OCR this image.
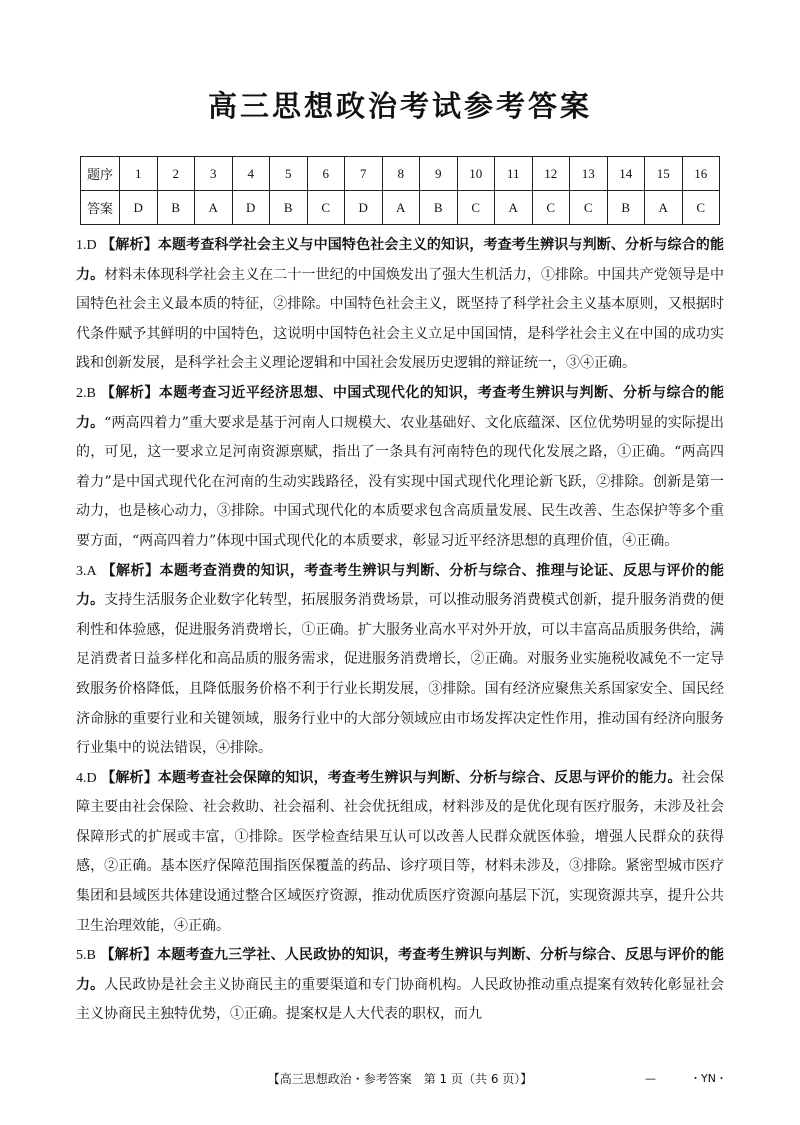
高三思想政治考试参考答案
题序	1	2	3	4	5	6	7	8	9	10	11	12	13	14	15	16
答案	D	B	A	D	B	C	D	A	B	C	A	C	C	B	A	C

1.D 【解析】本题考查科学社会主义与中国特色社会主义的知识，考查考生辨识与判断、分析与综合的能力。材料未体现科学社会主义在二十一世纪的中国焕发出了强大生机活力，①排除。中国共产党领导是中国特色社会主义最本质的特征，②排除。中国特色社会主义，既坚持了科学社会主义基本原则，又根据时代条件赋予其鲜明的中国特色，这说明中国特色社会主义立足中国国情，是科学社会主义在中国的成功实践和创新发展，是科学社会主义理论逻辑和中国社会发展历史逻辑的辩证统一，③④正确。

2.B 【解析】本题考查习近平经济思想、中国式现代化的知识，考查考生辨识与判断、分析与综合的能力。“两高四着力”重大要求是基于河南人口规模大、农业基础好、文化底蕴深、区位优势明显的实际提出的，可见，这一要求立足河南资源禀赋，指出了一条具有河南特色的现代化发展之路，①正确。“两高四着力”是中国式现代化在河南的生动实践路径，没有实现中国式现代化理论新飞跃，②排除。创新是第一动力，也是核心动力，③排除。中国式现代化的本质要求包含高质量发展、民生改善、生态保护等多个重要方面，“两高四着力”体现中国式现代化的本质要求，彰显习近平经济思想的真理价值，④正确。

3.A 【解析】本题考查消费的知识，考查考生辨识与判断、分析与综合、推理与论证、反思与评价的能力。支持生活服务企业数字化转型，拓展服务消费场景，可以推动服务消费模式创新，提升服务消费的便利性和体验感，促进服务消费增长，①正确。扩大服务业高水平对外开放，可以丰富高品质服务供给，满足消费者日益多样化和高品质的服务需求，促进服务消费增长，②正确。对服务业实施税收减免不一定导致服务价格降低，且降低服务价格不利于行业长期发展，③排除。国有经济应聚焦关系国家安全、国民经济命脉的重要行业和关键领域，服务行业中的大部分领域应由市场发挥决定性作用，推动国有经济向服务行业集中的说法错误，④排除。

4.D 【解析】本题考查社会保障的知识，考查考生辨识与判断、分析与综合、反思与评价的能力。社会保障主要由社会保险、社会救助、社会福利、社会优抚组成，材料涉及的是优化现有医疗服务，未涉及社会保障形式的扩展或丰富，①排除。医学检查结果互认可以改善人民群众就医体验，增强人民群众的获得感，②正确。基本医疗保障范围指医保覆盖的药品、诊疗项目等，材料未涉及，③排除。紧密型城市医疗集团和县域医共体建设通过整合区域医疗资源，推动优质医疗资源向基层下沉，实现资源共享，提升公共卫生治理效能，④正确。

5.B 【解析】本题考查九三学社、人民政协的知识，考查考生辨识与判断、分析与综合、反思与评价的能力。人民政协是社会主义协商民主的重要渠道和专门协商机构。人民政协推动重点提案有效转化彰显社会主义协商民主独特优势，①正确。提案权是人大代表的职权，而九

【高三思想政治・参考答案　第 1 页（共 6 页）】	—	・YN・
